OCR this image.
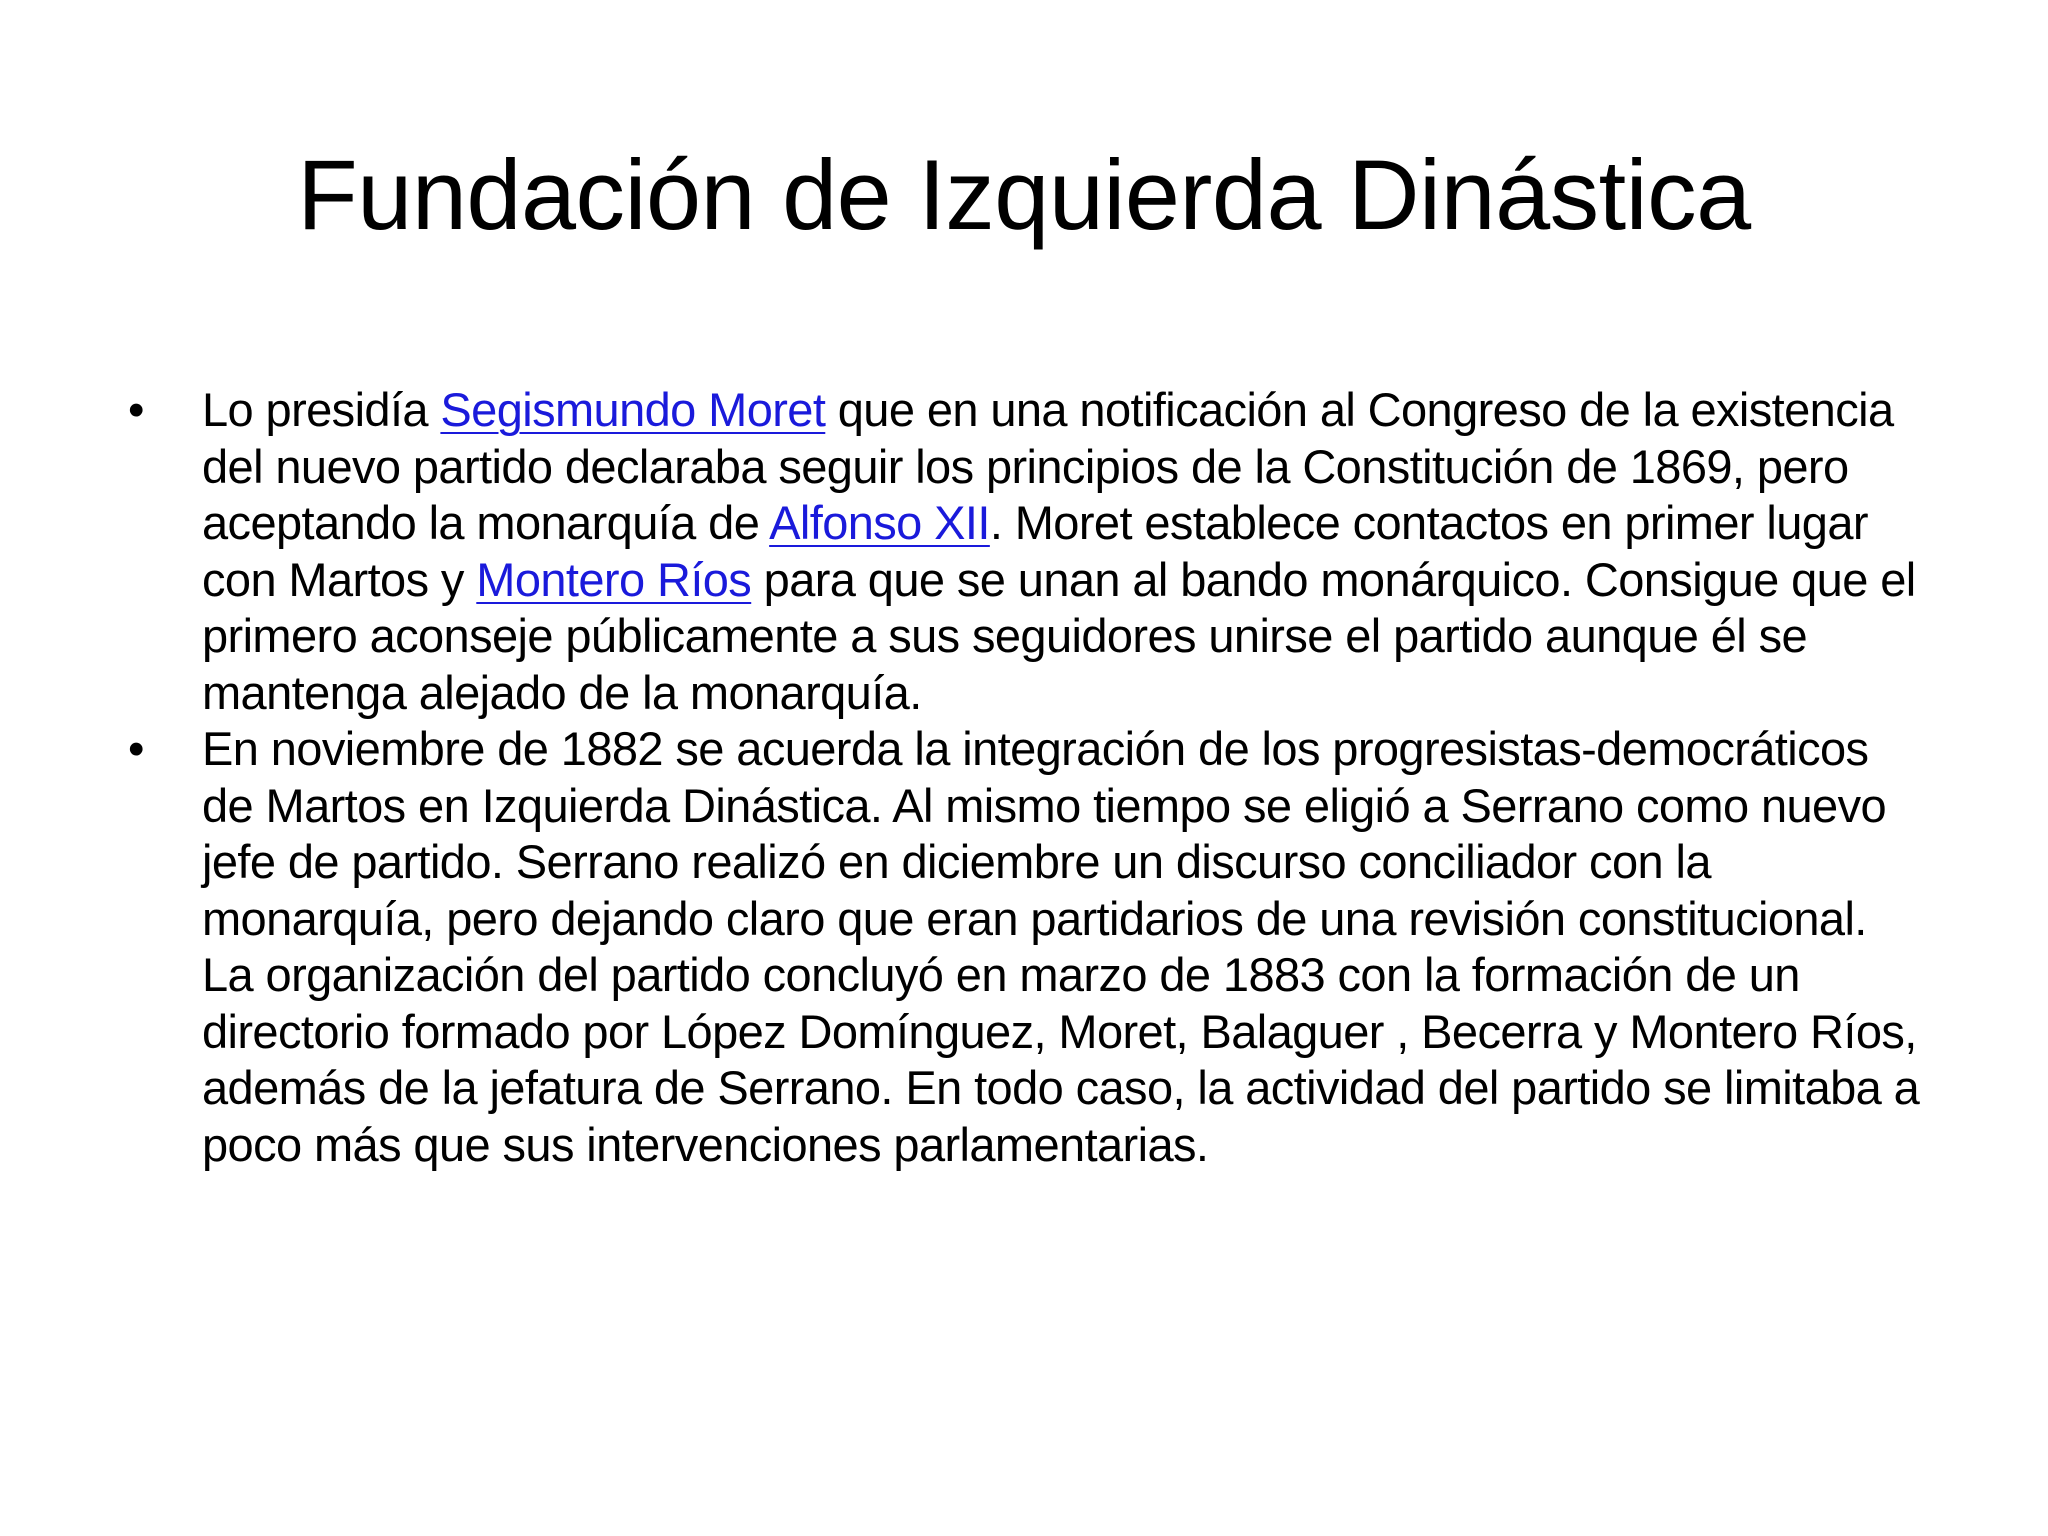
Fundación de Izquierda Dinástica
•	Lo presidía Segismundo Moret que en una notificación al Congreso de la existencia del nuevo partido declaraba seguir los principios de la Constitución de 1869, pero aceptando la monarquía de Alfonso XII. Moret establece contactos en primer lugar con Martos y Montero Ríos para que se unan al bando monárquico. Consigue que el primero aconseje públicamente a sus seguidores unirse el partido aunque él se mantenga alejado de la monarquía.
•	En noviembre de 1882 se acuerda la integración de los progresistas-democráticos de Martos en Izquierda Dinástica. Al mismo tiempo se eligió a Serrano como nuevo jefe de partido. Serrano realizó en diciembre un discurso conciliador con la monarquía, pero dejando claro que eran partidarios de una revisión constitucional. La organización del partido concluyó en marzo de 1883 con la formación de un directorio formado por López Domínguez, Moret, Balaguer , Becerra y Montero Ríos, además de la jefatura de Serrano. En todo caso, la actividad del partido se limitaba a poco más que sus intervenciones parlamentarias.
